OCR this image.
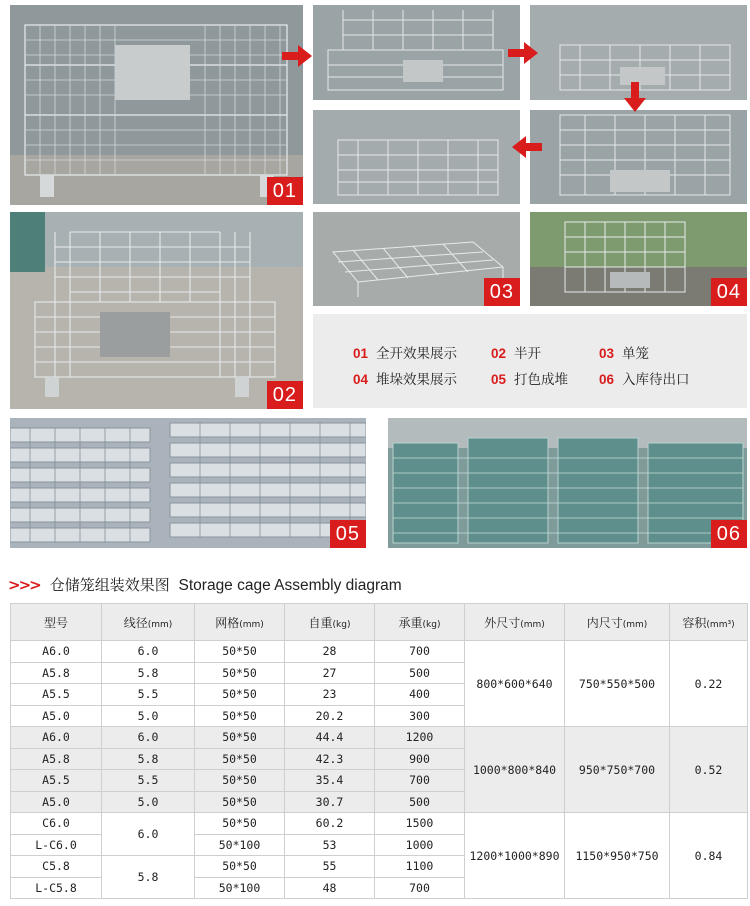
01
02
03	04
01 全开效果展示	02 半开	03 单笼
04 堆垛效果展示	05 打色成堆 06 入库待出口
05	06
>>> 仓储笼组装效果图 Storage cage Assembly diagram
型号	线径(mm)	网格(mm)	自重(kg)	承重(kg)	外尺寸(mm)	内尺寸(mm)	容积(mm³)
A6.0	6.0	50*50	28	700	800*600*640	750*550*500	0.22
A5.8	5.8	50*50	27	500			
A5.5	5.5	50*50	23	400			
A5.0	5.0	50*50	20.2	300			
A6.0	6.0	50*50	44.4	1200	1000*800*840	950*750*700	0.52
A5.8	5.8	50*50	42.3	900			
A5.5	5.5	50*50	35.4	700			
A5.0	5.0	50*50	30.7	500			
C6.0	6.0	50*50	60.2	1500	1200*1000*890	1150*950*750	0.84
L-C6.0		50*100	53	1000			
C5.8	5.8	50*50	55	1100			
L-C5.8		50*100	48	700			
